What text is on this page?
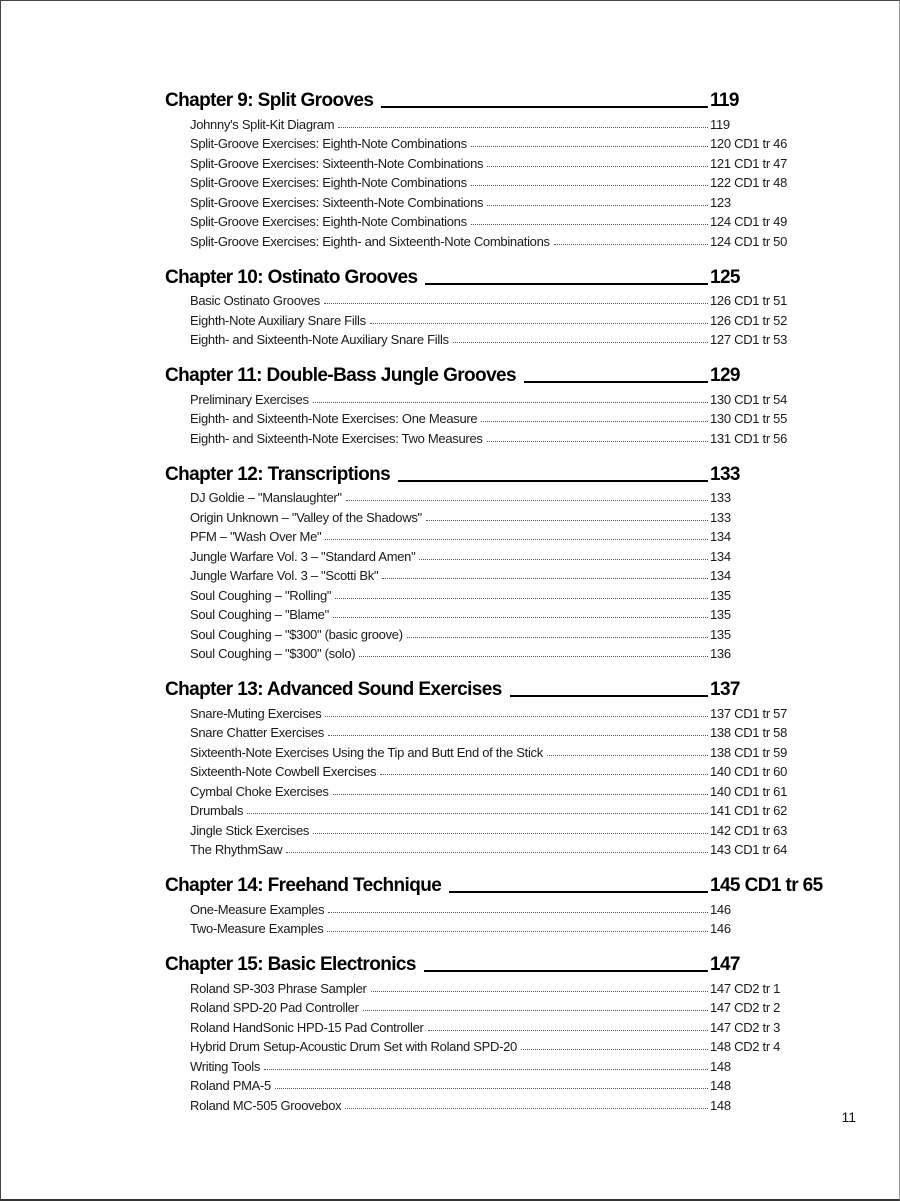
Chapter 9: Split Grooves	119
Johnny's Split-Kit Diagram	119
Split-Groove Exercises: Eighth-Note Combinations	120 CD1 tr 46
Split-Groove Exercises: Sixteenth-Note Combinations	121 CD1 tr 47
Split-Groove Exercises: Eighth-Note Combinations	122 CD1 tr 48
Split-Groove Exercises: Sixteenth-Note Combinations	123
Split-Groove Exercises: Eighth-Note Combinations	124 CD1 tr 49
Split-Groove Exercises: Eighth- and Sixteenth-Note Combinations	124 CD1 tr 50
Chapter 10: Ostinato Grooves	125
Basic Ostinato Grooves	126 CD1 tr 51
Eighth-Note Auxiliary Snare Fills	126 CD1 tr 52
Eighth- and Sixteenth-Note Auxiliary Snare Fills	127 CD1 tr 53
Chapter 11: Double-Bass Jungle Grooves	129
Preliminary Exercises	130 CD1 tr 54
Eighth- and Sixteenth-Note Exercises: One Measure	130 CD1 tr 55
Eighth- and Sixteenth-Note Exercises: Two Measures	131 CD1 tr 56
Chapter 12: Transcriptions	133
DJ Goldie – "Manslaughter"	133
Origin Unknown – "Valley of the Shadows"	133
PFM – "Wash Over Me"	134
Jungle Warfare Vol. 3 – "Standard Amen"	134
Jungle Warfare Vol. 3 – "Scotti Bk"	134
Soul Coughing – "Rolling"	135
Soul Coughing – "Blame"	135
Soul Coughing – "$300" (basic groove)	135
Soul Coughing – "$300" (solo)	136
Chapter 13: Advanced Sound Exercises	137
Snare-Muting Exercises	137 CD1 tr 57
Snare Chatter Exercises	138 CD1 tr 58
Sixteenth-Note Exercises Using the Tip and Butt End of the Stick	138 CD1 tr 59
Sixteenth-Note Cowbell Exercises	140 CD1 tr 60
Cymbal Choke Exercises	140 CD1 tr 61
Drumbals	141 CD1 tr 62
Jingle Stick Exercises	142 CD1 tr 63
The RhythmSaw	143 CD1 tr 64
Chapter 14: Freehand Technique	145 CD1 tr 65
One-Measure Examples	146
Two-Measure Examples	146
Chapter 15: Basic Electronics	147
Roland SP-303 Phrase Sampler	147 CD2 tr 1
Roland SPD-20 Pad Controller	147 CD2 tr 2
Roland HandSonic HPD-15 Pad Controller	147 CD2 tr 3
Hybrid Drum Setup-Acoustic Drum Set with Roland SPD-20	148 CD2 tr 4
Writing Tools	148
Roland PMA-5	148
Roland MC-505 Groovebox	148
11
